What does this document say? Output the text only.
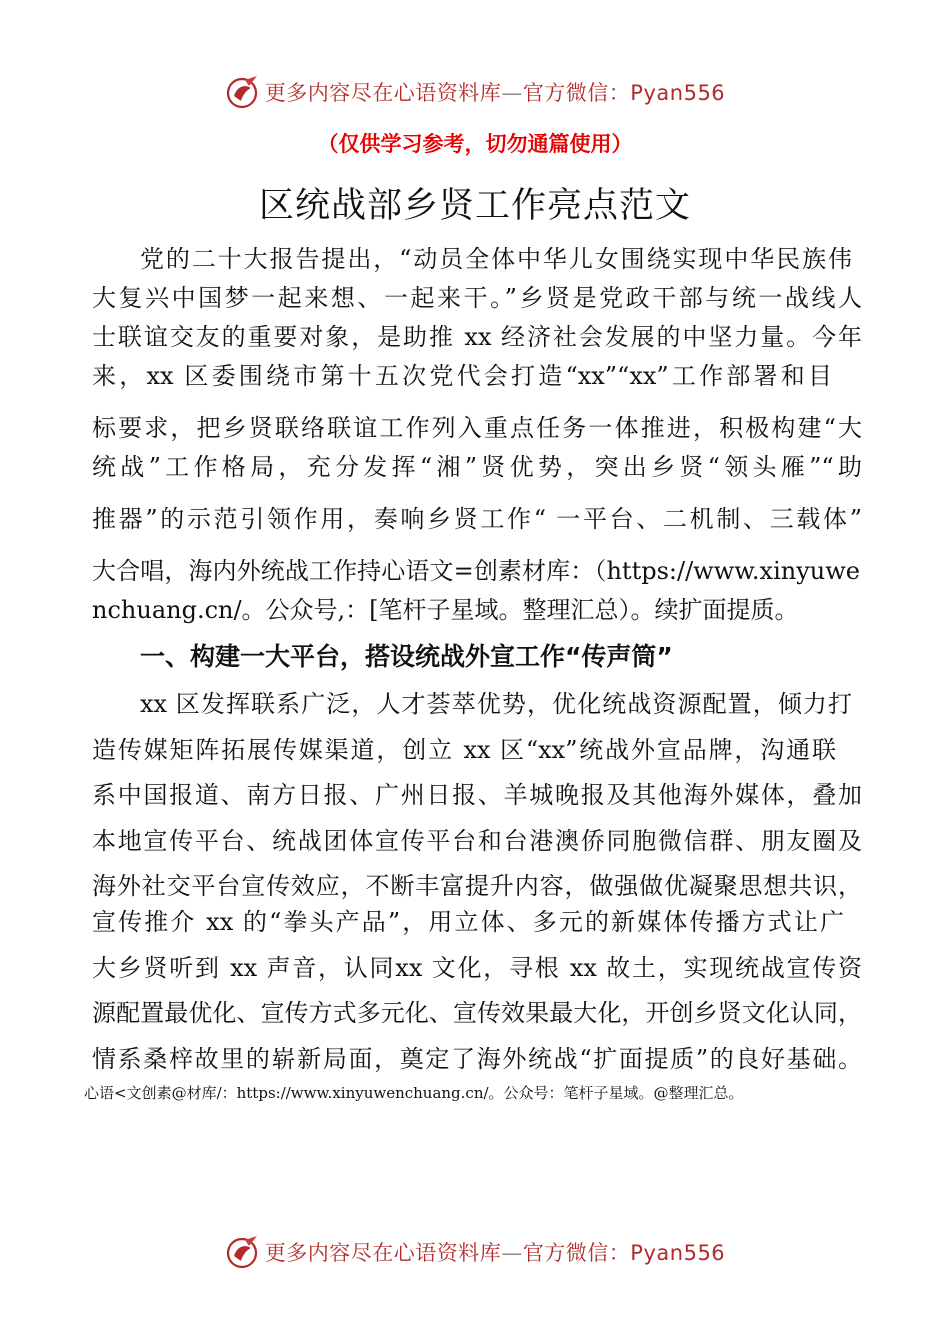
更多内容尽在心语资料库—官方微信：Pyan556
（仅供学习参考，切勿通篇使用）
区统战部乡贤工作亮点范文
党的二十大报告提出，“动员全体中华儿女围绕实现中华民族伟
大复兴中国梦一起来想、一起来干。”乡贤是党政干部与统一战线人
士联谊交友的重要对象，是助推 xx 经济社会发展的中坚力量。今年
来，xx 区委围绕市第十五次党代会打造“xx”“xx”工作部署和目
标要求，把乡贤联络联谊工作列入重点任务一体推进，积极构建“大
统战”工作格局，充分发挥“湘”贤优势，突出乡贤“领头雁”“助
推器”的示范引领作用，奏响乡贤工作“ 一平台、二机制、三载体”
大合唱，海内外统战工作持心语文=创素材库：（https://www.xinyuwe
nchuang.cn/。公众号,：[笔杆子星域。整理汇总）。续扩面提质。
一、构建一大平台，搭设统战外宣工作“传声筒”
xx 区发挥联系广泛，人才荟萃优势，优化统战资源配置，倾力打
造传媒矩阵拓展传媒渠道，创立 xx 区“xx”统战外宣品牌，沟通联
系中国报道、南方日报、广州日报、羊城晚报及其他海外媒体，叠加
本地宣传平台、统战团体宣传平台和台港澳侨同胞微信群、朋友圈及
海外社交平台宣传效应，不断丰富提升内容，做强做优凝聚思想共识，
宣传推介 xx 的“拳头产品”，用立体、多元的新媒体传播方式让广
大乡贤听到 xx 声音，认同xx 文化，寻根 xx 故土，实现统战宣传资
源配置最优化、宣传方式多元化、宣传效果最大化，开创乡贤文化认同，
情系桑梓故里的崭新局面，奠定了海外统战“扩面提质”的良好基础。
心语<文创素@材库/：https://www.xinyuwenchuang.cn/。公众号：笔杆子星域。@整理汇总。
更多内容尽在心语资料库—官方微信：Pyan556
